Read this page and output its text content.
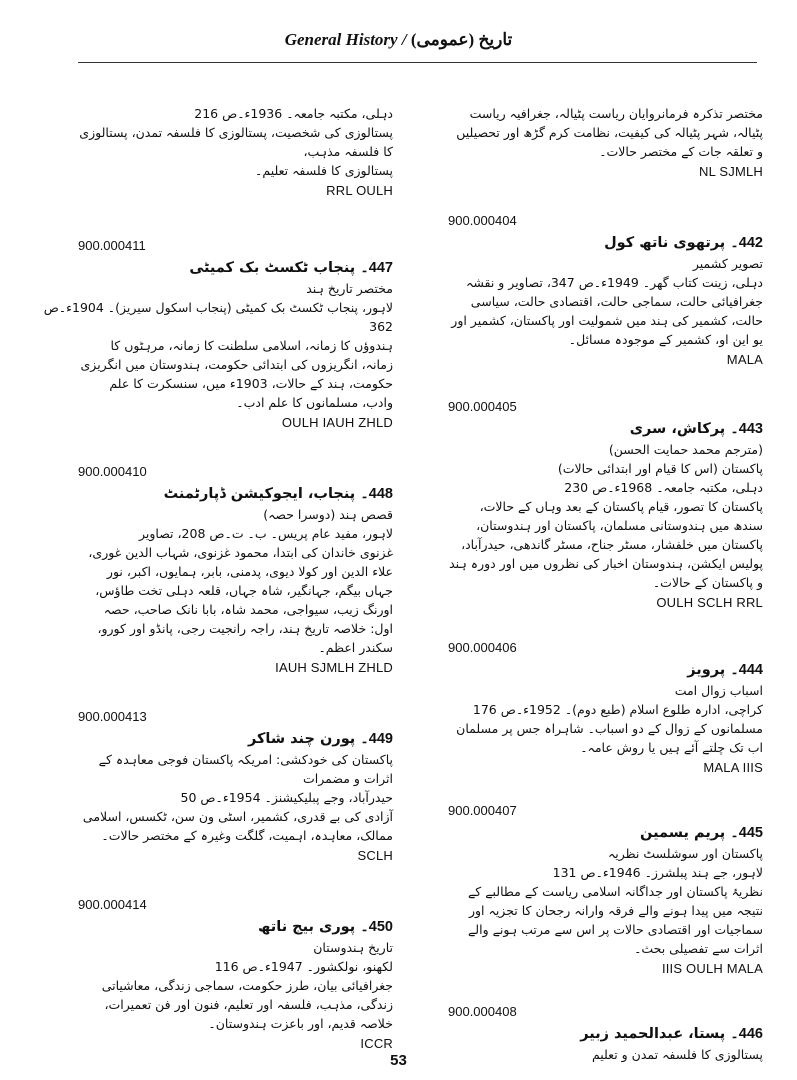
General History / (عمومی) تاریخ
دہلی، مکتبہ جامعہ۔ 1936ء۔ص 216
پستالوزی کی شخصیت، پستالوزی کا فلسفہ تمدن، پستالوزی کا فلسفہ مذہب،
پستالوزی کا فلسفہ تعلیم۔
RRL OULH
900.000411
447۔ پنجاب ٹکسٹ بک کمیٹی
مختصر تاریخ ہند
لاہور، پنجاب ٹکسٹ بک کمیٹی (پنجاب اسکول سیریز)۔ 1904ء۔ص
362
ہندوؤں کا زمانہ، اسلامی سلطنت کا زمانہ، مرہٹوں کا زمانہ، انگریزوں کی ابتدائی حکومت، ہندوستان میں انگریزی حکومت، ہند کے حالات، 1903ء میں، سنسکرت کا علم وادب، مسلمانوں کا علم ادب۔
OULH IAUH ZHLD
900.000410
448۔ پنجاب، ایجوکیشن ڈپارٹمنٹ
قصص ہند (دوسرا حصہ)
لاہور، مفید عام پریس۔ ب۔ ت۔ص 208، تصاویر
غزنوی خاندان کی ابتدا، محمود غزنوی، شہاب الدین غوری، علاء الدین اور کولا دیوی، پدمنی، بابر، ہمایوں، اکبر، نور جہاں بیگم، جہانگیر، شاہ جہاں، قلعہ دہلی تخت طاؤس، اورنگ زیب، سیواجی، محمد شاہ، بابا نانک صاحب، حصہ اول: خلاصہ تاریخ ہند، راجہ رانجیت رجی، پانڈو اور کورو، سکندر اعظم۔
IAUH SJMLH ZHLD
900.000413
449۔ پورن چند شاکر
پاکستان کی خودکشی: امریکہ پاکستان فوجی معاہدہ کے اثرات و مضمرات
حیدرآباد، وجے پبلیکیشنز۔ 1954ء۔ص 50
آزادی کی بے قدری، کشمیر، اسٹی ون سن، ٹکسس، اسلامی ممالک، معاہدہ، اہمیت، گلگت وغیرہ کے مختصر حالات۔
SCLH
900.000414
450۔ پوری بیج ناتھ
تاریخ ہندوستان
لکھنو، نولکشور۔ 1947ء۔ص 116
جغرافیائی بیان، طرز حکومت، سماجی زندگی، معاشیاتی زندگی، مذہب، فلسفہ اور تعلیم، فنون اور فن تعمیرات، خلاصہ قدیم، اور باعزت ہندوستان۔
ICCR
مختصر تذکرہ فرمانروایان ریاست پٹیالہ، جغرافیہ ریاست پٹیالہ، شہر پٹیالہ کی کیفیت، نظامت کرم گڑھ اور تحصیلیں و تعلقہ جات کے مختصر حالات۔
NL SJMLH
900.000404
442۔ پرتھوی ناتھ کول
تصویر کشمیر
دہلی، زینت کتاب گھر۔ 1949ء۔ص 347، تصاویر و نقشہ
جغرافیائی حالت، سماجی حالت، اقتصادی حالت، سیاسی حالت، کشمیر کی ہند میں شمولیت اور پاکستان، کشمیر اور یو این او، کشمیر کے موجودہ مسائل۔
MALA
900.000405
443۔ پرکاش، سری
(مترجم محمد حمایت الحسن)
پاکستان (اس کا قیام اور ابتدائی حالات)
دہلی، مکتبہ جامعہ۔ 1968ء۔ص 230
پاکستان کا تصور، قیام پاکستان کے بعد وہاں کے حالات، سندھ میں ہندوستانی مسلمان، پاکستان اور ہندوستان، پاکستان میں خلفشار، مسٹر جناح، مسٹر گاندھی، حیدرآباد، پولیس ایکشن، ہندوستان اخبار کی نظروں میں اور دورہ ہند و پاکستان کے حالات۔
OULH SCLH RRL
900.000406
444۔ پرویز
اسباب زوال امت
کراچی، ادارہ طلوع اسلام (طبع دوم)۔ 1952ء۔ص 176
مسلمانوں کے زوال کے دو اسباب۔ شاہراہ جس پر مسلمان اب تک چلتے آئے ہیں یا روش عامہ۔
MALA IIIS
900.000407
445۔ پریم یسمین
پاکستان اور سوشلسٹ نظریہ
لاہور، جے ہند پبلشرز۔ 1946ء۔ص 131
نظریۂ پاکستان اور جداگانہ اسلامی ریاست کے مطالبے کے نتیجہ میں پیدا ہونے والے فرقہ وارانہ رجحان کا تجزیہ اور سماجیات اور اقتصادی حالات پر اس سے مرتب ہونے والے اثرات سے تفصیلی بحث۔
IIIS OULH MALA
900.000408
446۔ پستا، عبدالحمید زبیر
پستالوزی کا فلسفہ تمدن و تعلیم
53
